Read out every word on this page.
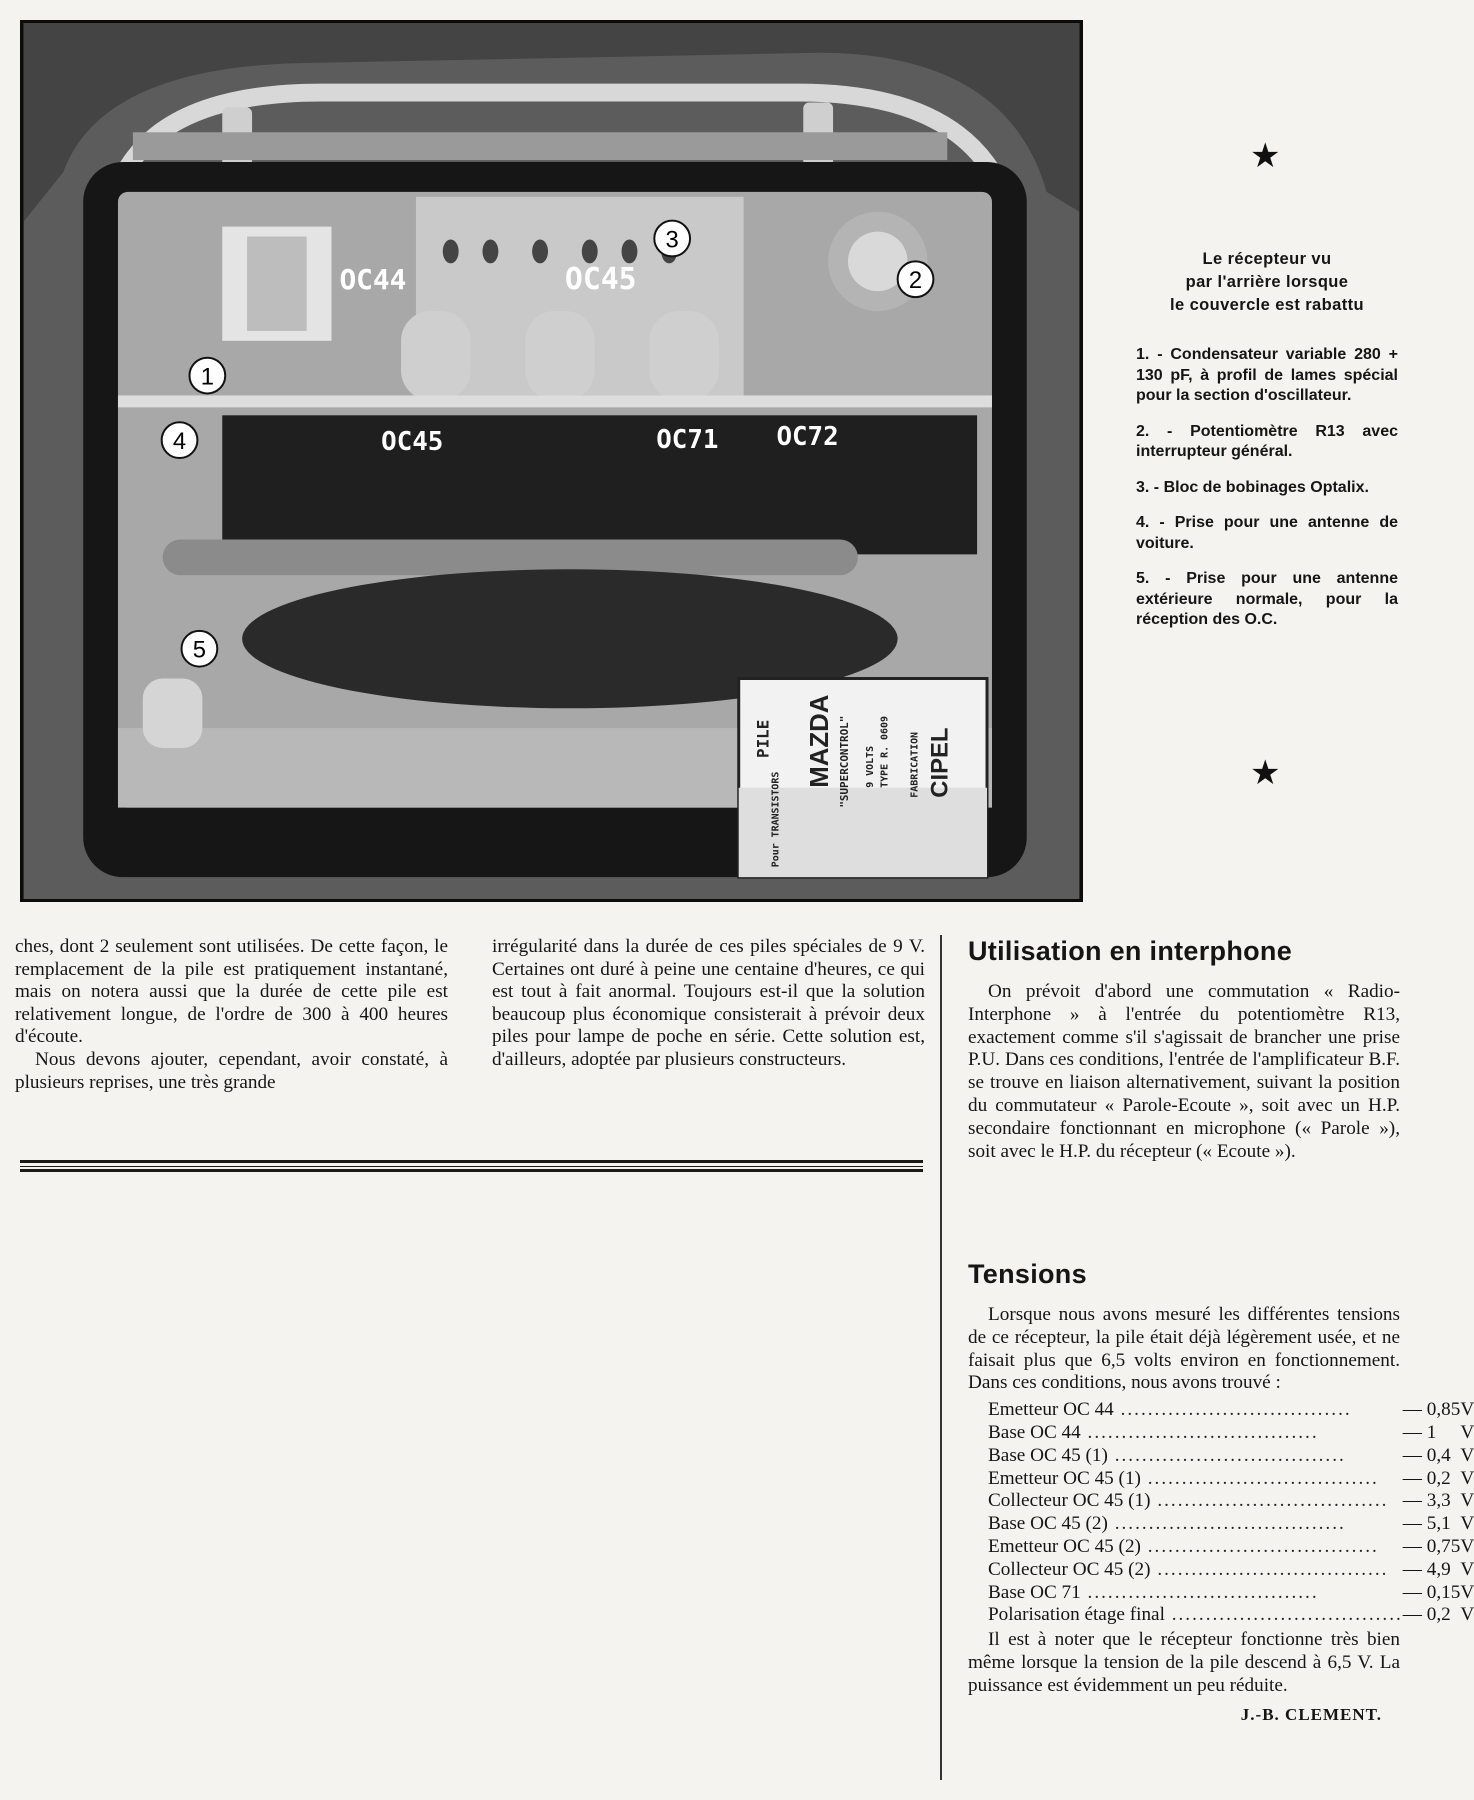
PILE MAZDA "SUPERCONTROL" 9 VOLTS TYPE R. 0609 FABRICATION CIPEL
Pour TRANSISTORS
OC44	OC45
OC45	OC71 OC72
1
2
3
4
5
★
Le récepteur vu
par l'arrière lorsque
le couvercle est rabattu

1. - Condensateur variable 280 + 130 pF, à profil de lames spécial pour la section d'oscillateur.

2. - Potentiomètre R13 avec interrupteur général.

3. - Bloc de bobinages Optalix.

4. - Prise pour une antenne de voiture.

5. - Prise pour une antenne extérieure normale, pour la réception des O.C.

★

ches, dont 2 seulement sont utilisées. De cette façon, le remplacement de la pile est pratiquement instantané, mais on notera aussi que la durée de cette pile est relativement longue, de l'ordre de 300 à 400 heures d'écoute.

Nous devons ajouter, cependant, avoir constaté, à plusieurs reprises, une très grande

irrégularité dans la durée de ces piles spéciales de 9 V. Certaines ont duré à peine une centaine d'heures, ce qui est tout à fait anormal. Toujours est-il que la solution beaucoup plus économique consisterait à prévoir deux piles pour lampe de poche en série. Cette solution est, d'ailleurs, adoptée par plusieurs constructeurs.

Utilisation en interphone

On prévoit d'abord une commutation « Radio-Interphone » à l'entrée du potentiomètre R13, exactement comme s'il s'agissait de brancher une prise P.U. Dans ces conditions, l'entrée de l'amplificateur B.F. se trouve en liaison alternativement, suivant la position du commutateur « Parole-Ecoute », soit avec un H.P. secondaire fonctionnant en microphone (« Parole »), soit avec le H.P. du récepteur (« Ecoute »).

Tensions

Lorsque nous avons mesuré les différentes tensions de ce récepteur, la pile était déjà légèrement usée, et ne faisait plus que 6,5 volts environ en fonctionnement. Dans ces conditions, nous avons trouvé :

Emetteur OC 44 ..................................	— 0,85	V
Base OC 44 ..................................	— 1	V
Base OC 45 (1) ..................................	— 0,4	V
Emetteur OC 45 (1) ..................................	— 0,2	V
Collecteur OC 45 (1) ..................................	— 3,3	V
Base OC 45 (2) ..................................	— 5,1	V
Emetteur OC 45 (2) ..................................	— 0,75	V
Collecteur OC 45 (2) ..................................	— 4,9	V
Base OC 71 ..................................	— 0,15	V
Polarisation étage final ..................................	— 0,2	V

Il est à noter que le récepteur fonctionne très bien même lorsque la tension de la pile descend à 6,5 V. La puissance est évidemment un peu réduite.

J.-B. CLEMENT.
